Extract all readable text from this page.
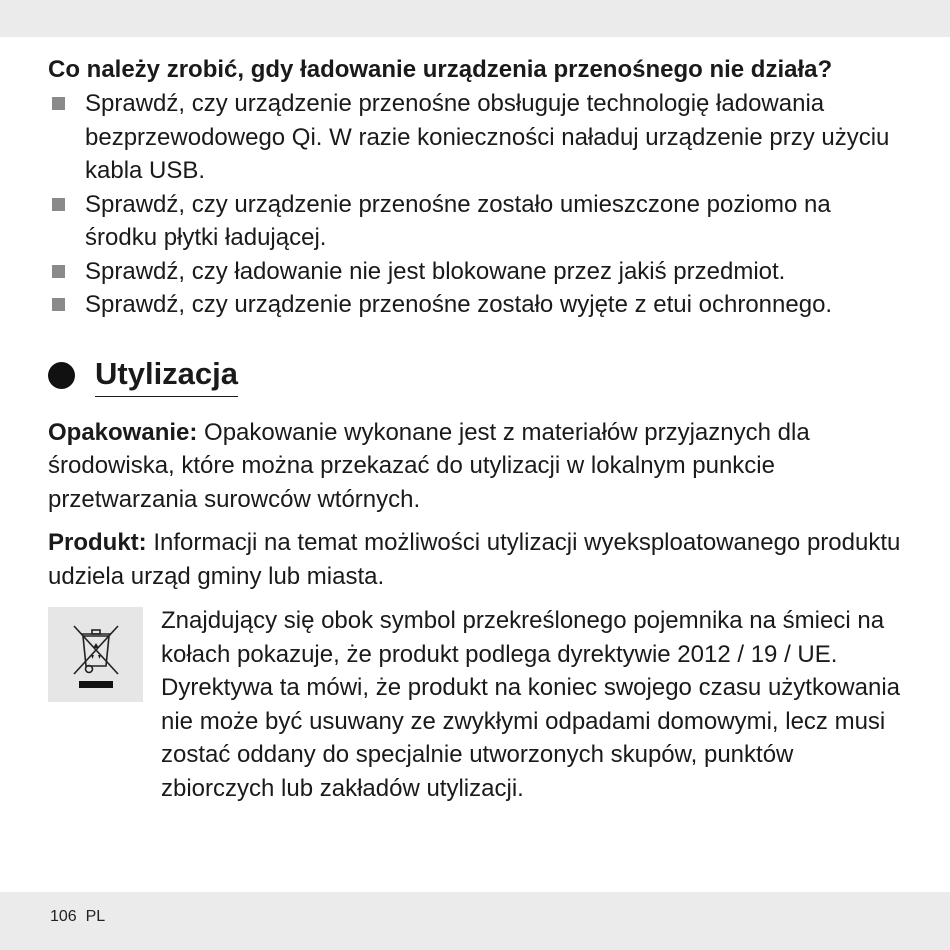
Co należy zrobić, gdy ładowanie urządzenia przenośnego nie działa?
Sprawdź, czy urządzenie przenośne obsługuje technologię ładowania bezprzewodowego Qi. W razie konieczności naładuj urządzenie przy użyciu kabla USB.
Sprawdź, czy urządzenie przenośne zostało umieszczone poziomo na środku płytki ładującej.
Sprawdź, czy ładowanie nie jest blokowane przez jakiś przedmiot.
Sprawdź, czy urządzenie przenośne zostało wyjęte z etui ochronnego.
Utylizacja

Opakowanie: Opakowanie wykonane jest z materiałów przyjaznych dla środowiska, które można przekazać do utylizacji w lokalnym punkcie przetwarzania surowców wtórnych.

Produkt: Informacji na temat możliwości utylizacji wyeksploatowanego produktu udziela urząd gminy lub miasta.

Znajdujący się obok symbol przekreślonego pojemnika na śmieci na kołach pokazuje, że produkt podlega dyrektywie 2012 / 19 / UE. Dyrektywa ta mówi, że produkt na koniec swojego czasu użytkowania nie może być usuwany ze zwykłymi odpadami domowymi, lecz musi zostać oddany do specjalnie utworzonych skupów, punktów zbiorczych lub zakładów utylizacji.
106 PL
